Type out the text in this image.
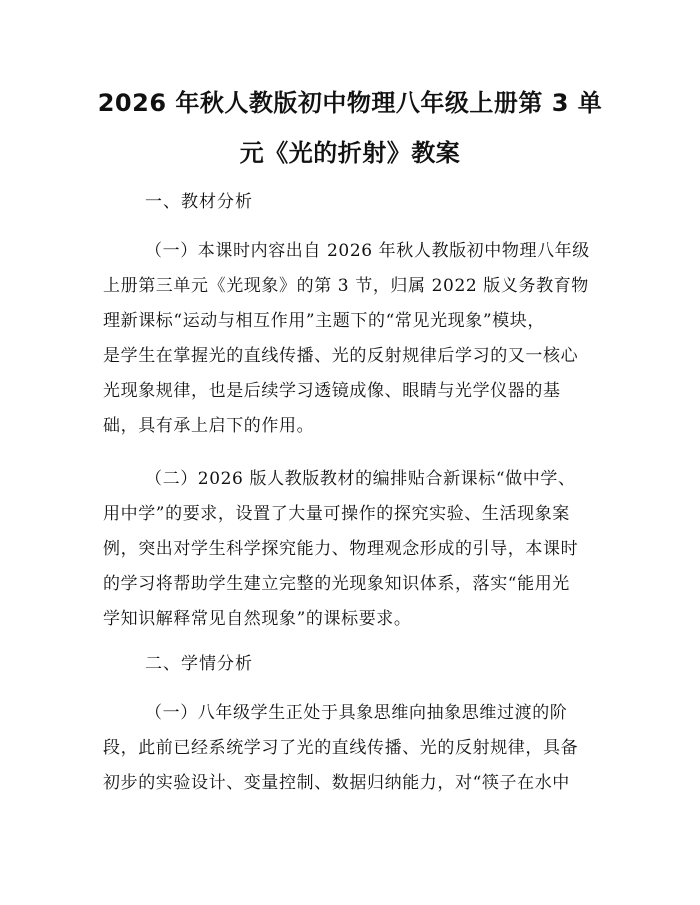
2026 年秋人教版初中物理八年级上册第 3 单
元《光的折射》教案
一、教材分析
（一）本课时内容出自 2026 年秋人教版初中物理八年级
上册第三单元《光现象》的第 3 节，归属 2022 版义务教育物
理新课标“运动与相互作用”主题下的“常见光现象”模块，
是学生在掌握光的直线传播、光的反射规律后学习的又一核心
光现象规律，也是后续学习透镜成像、眼睛与光学仪器的基
础，具有承上启下的作用。
（二）2026 版人教版教材的编排贴合新课标“做中学、
用中学”的要求，设置了大量可操作的探究实验、生活现象案
例，突出对学生科学探究能力、物理观念形成的引导，本课时
的学习将帮助学生建立完整的光现象知识体系，落实“能用光
学知识解释常见自然现象”的课标要求。
二、学情分析
（一）八年级学生正处于具象思维向抽象思维过渡的阶
段，此前已经系统学习了光的直线传播、光的反射规律，具备
初步的实验设计、变量控制、数据归纳能力，对“筷子在水中
